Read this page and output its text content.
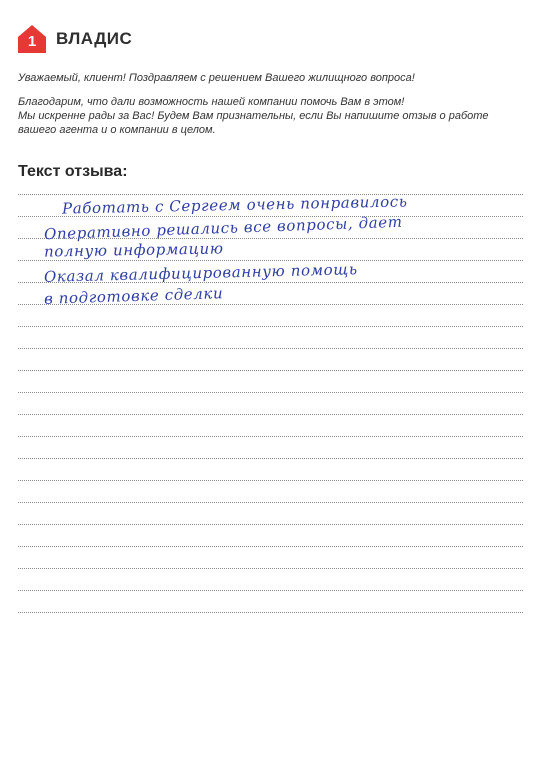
1	ВЛАДИС

Уважаемый, клиент! Поздравляем с решением Вашего жилищного вопроса!

Благодарим, что дали возможность нашей компании помочь Вам в этом!

Мы искренне рады за Вас! Будем Вам признательны, если Вы напишите отзыв о работе

вашего агента и о компании в целом.

Текст отзыва:
Работать с Сергеем очень понравилось
Оперативно решались все вопросы, дает
полную информацию
Оказал квалифицированную помощь
в подготовке сделки
